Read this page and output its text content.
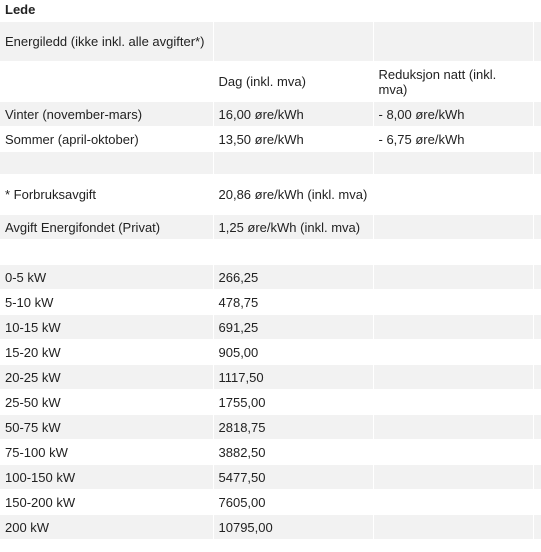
Lede
Energiledd (ikke inkl. alle avgifter*)			
	Dag (inkl. mva)	Reduksjon natt (inkl. mva)	
Vinter (november-mars)	16,00 øre/kWh	- 8,00 øre/kWh	
Sommer (april-oktober)	13,50 øre/kWh	- 6,75 øre/kWh	

* Forbruksavgift	20,86 øre/kWh (inkl. mva)		
Avgift Energifondet (Privat)	1,25 øre/kWh (inkl. mva)		

0-5 kW	266,25		
5-10 kW	478,75		
10-15 kW	691,25		
15-20 kW	905,00		
20-25 kW	1117,50		
25-50 kW	1755,00		
50-75 kW	2818,75		
75-100 kW	3882,50		
100-150 kW	5477,50		
150-200 kW	7605,00		
200 kW	10795,00		
